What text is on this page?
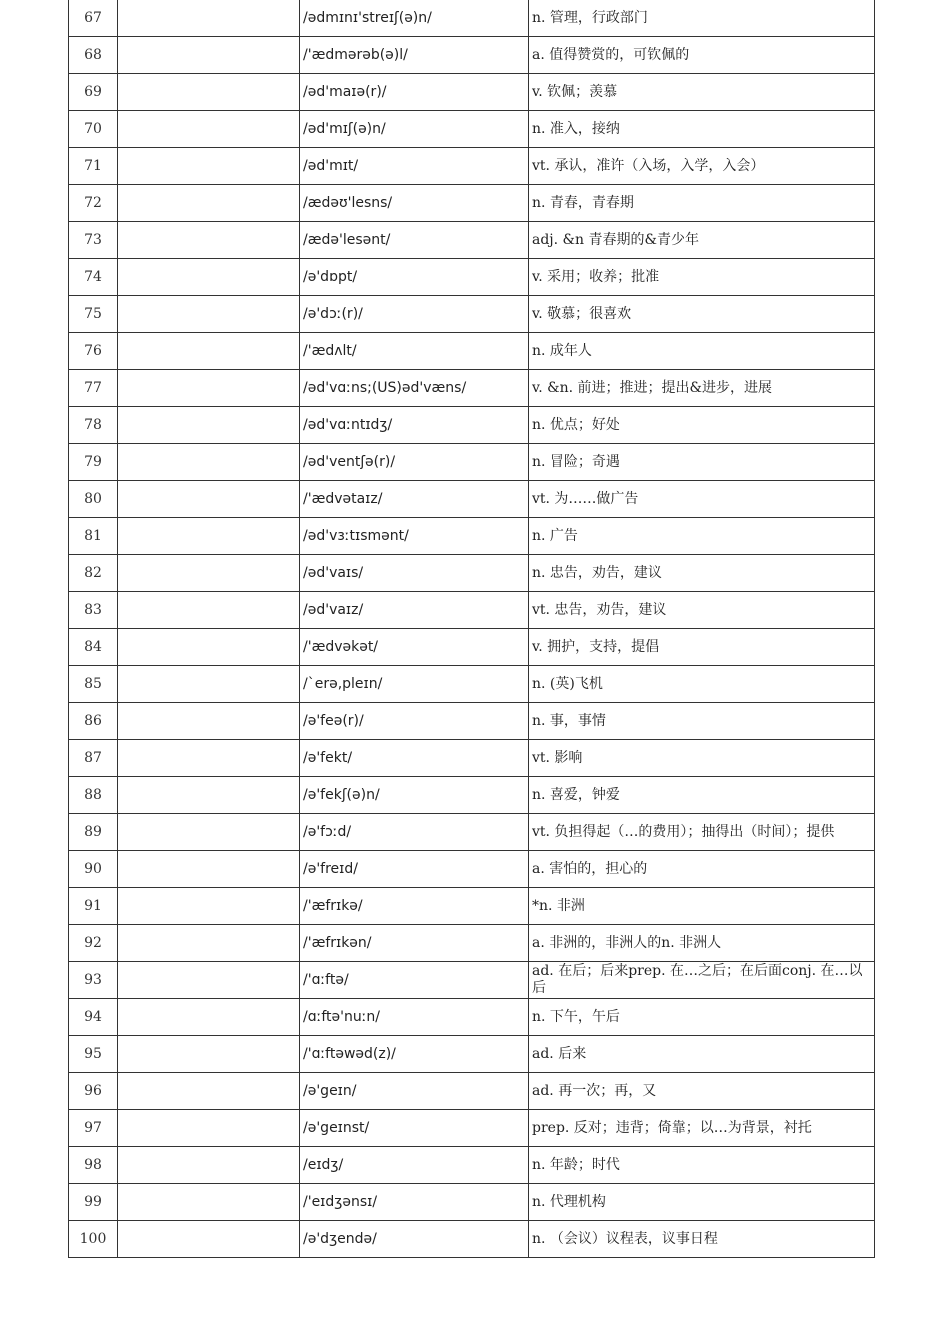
67		/ədmɪnɪ'streɪʃ(ə)n/	n. 管理，行政部门
68		/'ædmərəb(ə)l/	a. 值得赞赏的，可钦佩的
69		/əd'maɪə(r)/	v. 钦佩；羡慕
70		/əd'mɪʃ(ə)n/	n. 准入，接纳
71		/əd'mɪt/	vt. 承认，准许（入场，入学，入会）
72		/ædəʊ'lesns/	n. 青春，青春期
73		/ædə'lesənt/	adj. &n 青春期的&青少年
74		/ə'dɒpt/	v. 采用；收养；批准
75		/ə'dɔː(r)/	v. 敬慕；很喜欢
76		/'ædʌlt/	n. 成年人
77		/əd'vɑːns;(US)əd'væns/	v. &n. 前进；推进；提出&进步，进展
78		/əd'vɑːntɪdʒ/	n. 优点；好处
79		/əd'ventʃə(r)/	n. 冒险；奇遇
80		/'ædvətaɪz/	vt. 为……做广告
81		/əd'vɜːtɪsmənt/	n. 广告
82		/əd'vaɪs/	n. 忠告，劝告，建议
83		/əd'vaɪz/	vt. 忠告，劝告，建议
84		/'ædvəkət/	v. 拥护，支持，提倡
85		/`erə,pleɪn/	n. (英)飞机
86		/ə'feə(r)/	n. 事，事情
87		/ə'fekt/	vt. 影响
88		/ə'fekʃ(ə)n/	n. 喜爱，钟爱
89		/ə'fɔːd/	vt. 负担得起（…的费用）；抽得出（时间）；提供
90		/ə'freɪd/	a. 害怕的，担心的
91		/'æfrɪkə/	*n. 非洲
92		/'æfrɪkən/	a. 非洲的，非洲人的n. 非洲人
93		/'ɑːftə/	ad. 在后；后来prep. 在…之后；在后面conj. 在…以后
94		/ɑːftə'nuːn/	n. 下午，午后
95		/'ɑːftəwəd(z)/	ad. 后来
96		/ə'geɪn/	ad. 再一次；再，又
97		/ə'geɪnst/	prep. 反对；违背；倚靠；以…为背景，衬托
98		/eɪdʒ/	n. 年龄；时代
99		/'eɪdʒənsɪ/	n. 代理机构
100		/ə'dʒendə/	n. （会议）议程表，议事日程
